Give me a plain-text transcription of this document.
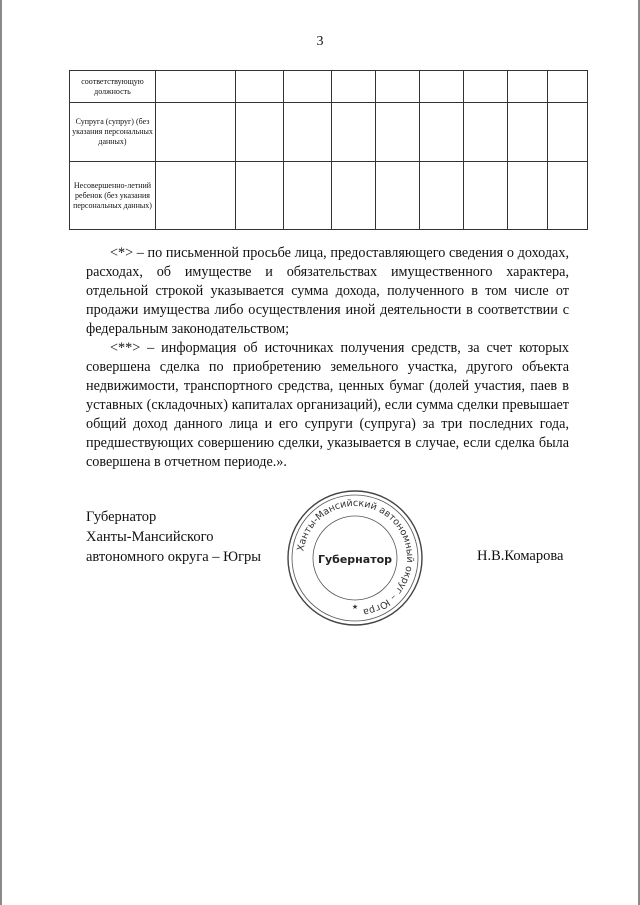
3
соответствующую должность									
Супруга (супруг) (без указания персональных данных)									
Несовершенно-летний ребенок (без указания персональных данных)									

<*> – по письменной просьбе лица, предоставляющего сведения о доходах, расходах, об имуществе и обязательствах имущественного характера, отдельной строкой указывается сумма дохода, полученного в том числе от продажи имущества либо осуществления иной деятельности в соответствии с федеральным законодательством;

<**> – информация об источниках получения средств, за счет которых совершена сделка по приобретению земельного участка, другого объекта недвижимости, транспортного средства, ценных бумаг (долей участия, паев в уставных (складочных) капиталах организаций), если сумма сделки превышает общий доход данного лица и его супруги (супруга) за три последних года, предшествующих совершению сделки, указывается в случае, если сделка была совершена в отчетном периоде.».

Губернатор
Ханты-Мансийского
автономного округа – Югры
Ханты-Мансийский автономный округ – Югра
Губернатор
★
Н.В.Комарова
